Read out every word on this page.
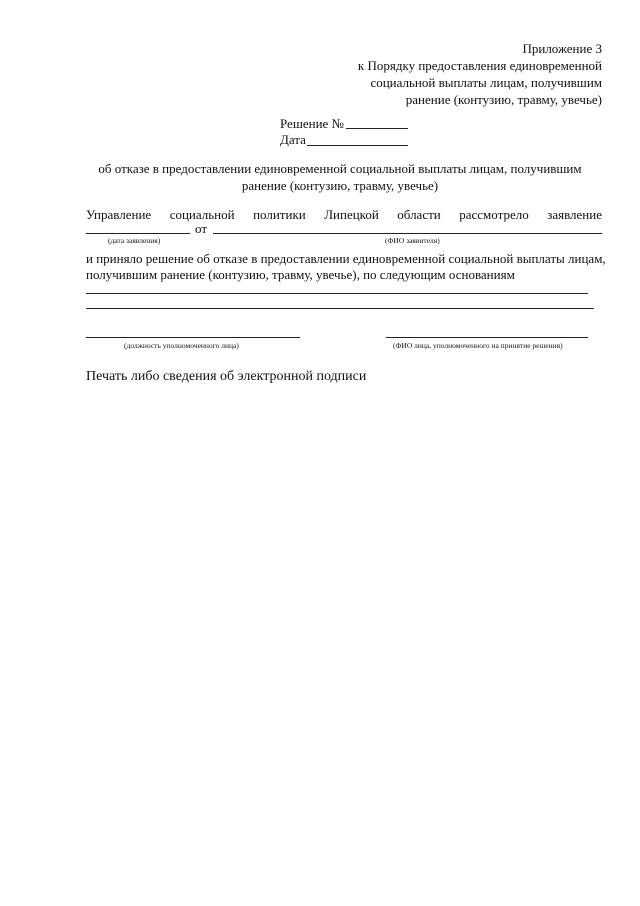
Приложение 3
к Порядку предоставления единовременной
социальной выплаты лицам, получившим
ранение (контузию, травму, увечье)
Решение №
Дата
об отказе в предоставлении единовременной социальной выплаты лицам, получившим
ранение (контузию, травму, увечье)
Управление социальной политики Липецкой области рассмотрело заявление
от
(дата заявления)	(ФИО заявителя)
и приняло решение об отказе в предоставлении единовременной социальной выплаты лицам,
получившим ранение (контузию, травму, увечье), по следующим основаниям
(должность уполномоченного лица)	(ФИО лица, уполномоченного на принятие решения)
Печать либо сведения об электронной подписи
